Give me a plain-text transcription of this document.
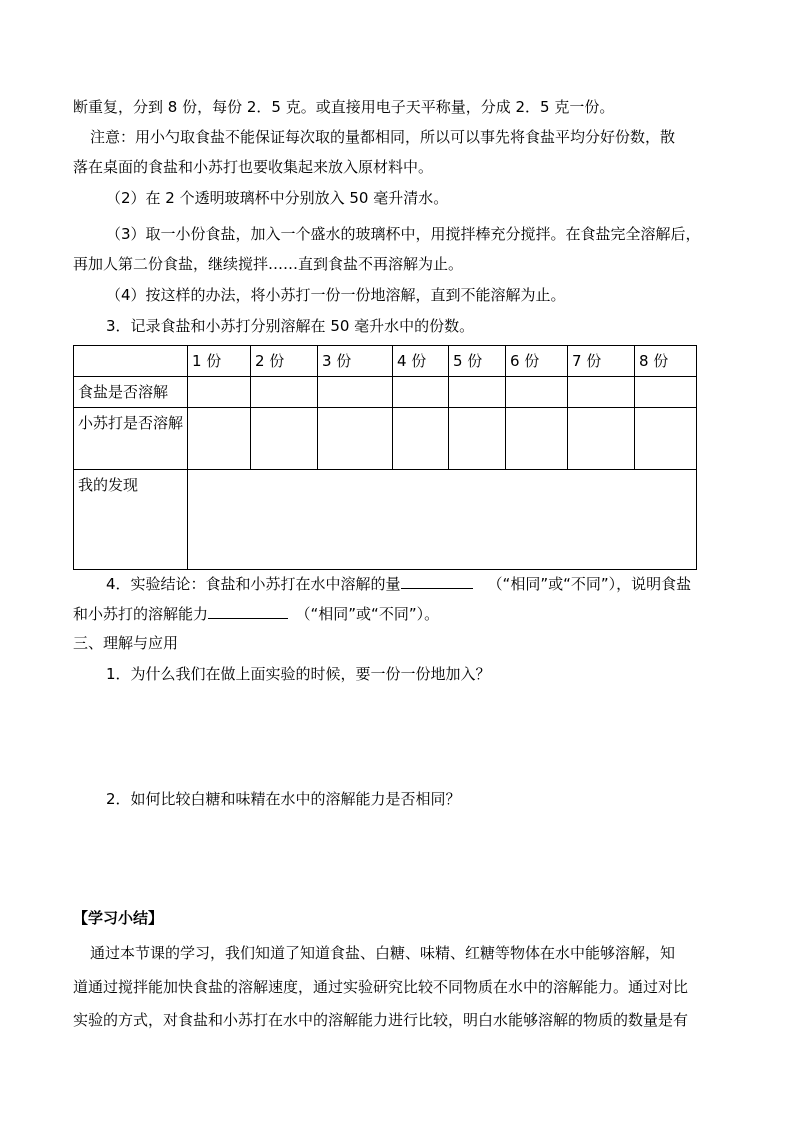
断重复，分到 8 份，每份 2．5 克。或直接用电子天平称量，分成 2．5 克一份。
注意：用小勺取食盐不能保证每次取的量都相同，所以可以事先将食盐平均分好份数，散
落在桌面的食盐和小苏打也要收集起来放入原材料中。
（2）在 2 个透明玻璃杯中分别放入 50 毫升清水。
（3）取一小份食盐，加入一个盛水的玻璃杯中，用搅拌棒充分搅拌。在食盐完全溶解后，
再加人第二份食盐，继续搅拌……直到食盐不再溶解为止。
（4）按这样的办法，将小苏打一份一份地溶解，直到不能溶解为止。
3．记录食盐和小苏打分别溶解在 50 毫升水中的份数。
	1 份	2 份	3 份	4 份	5 份	6 份	7 份	8 份
食盐是否溶解								
小苏打是否溶解								
我的发现								
4．实验结论：食盐和小苏打在水中溶解的量 	（“相同”或“不同”），说明食盐
和小苏打的溶解能力 	（“相同”或“不同”）。
三、理解与应用
1．为什么我们在做上面实验的时候，要一份一份地加入？
2．如何比较白糖和味精在水中的溶解能力是否相同？
【学习小结】
通过本节课的学习，我们知道了知道食盐、白糖、味精、红糖等物体在水中能够溶解，知
道通过搅拌能加快食盐的溶解速度，通过实验研究比较不同物质在水中的溶解能力。通过对比
实验的方式，对食盐和小苏打在水中的溶解能力进行比较，明白水能够溶解的物质的数量是有
